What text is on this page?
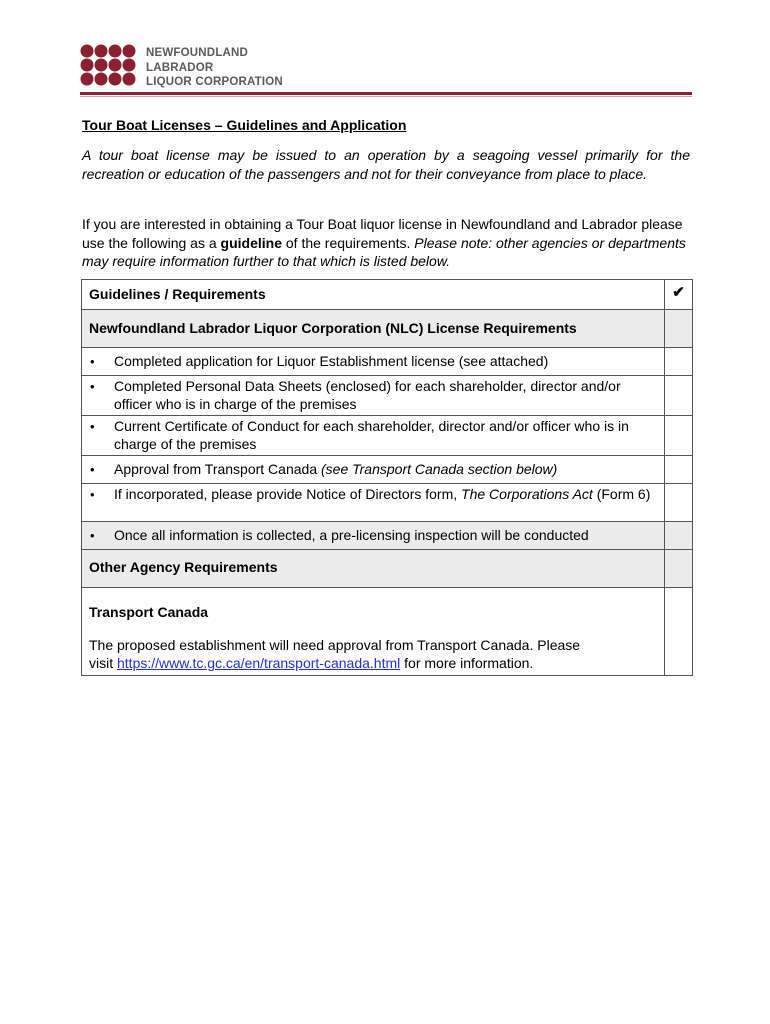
NEWFOUNDLAND
LABRADOR
LIQUOR CORPORATION
Tour Boat Licenses – Guidelines and Application
A tour boat license may be issued to an operation by a seagoing vessel primarily for the recreation or education of the passengers and not for their conveyance from place to place.
If you are interested in obtaining a Tour Boat liquor license in Newfoundland and Labrador please use the following as a guideline of the requirements. Please note: other agencies or departments may require information further to that which is listed below.
Guidelines / Requirements	✔

Newfoundland Labrador Liquor Corporation (NLC) License Requirements	

• Completed application for Liquor Establishment license (see attached)	

• Completed Personal Data Sheets (enclosed) for each shareholder, director and/or officer who is in charge of the premises	

• Current Certificate of Conduct for each shareholder, director and/or officer who is in charge of the premises	

• Approval from Transport Canada (see Transport Canada section below)	

• If incorporated, please provide Notice of Directors form, The Corporations Act (Form 6)	

• Once all information is collected, a pre-licensing inspection will be conducted	

Other Agency Requirements	

Transport Canada
The proposed establishment will need approval from Transport Canada. Please visit https://www.tc.gc.ca/en/transport-canada.html for more information.	
